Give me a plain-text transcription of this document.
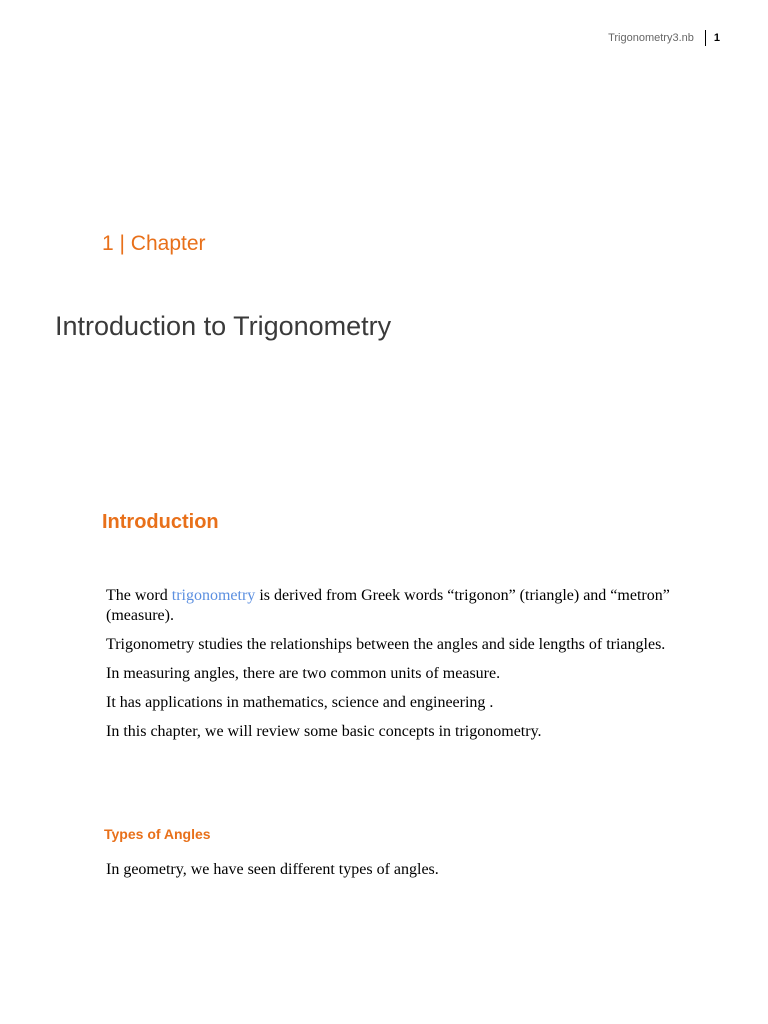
Trigonometry3.nb 1
1 | Chapter
Introduction to Trigonometry
Introduction

The word trigonometry is derived from Greek words “trigonon” (triangle) and “metron” (measure).

Trigonometry studies the relationships between the angles and side lengths of triangles.

In measuring angles, there are two common units of measure.

It has applications in mathematics, science and engineering .

In this chapter, we will review some basic concepts in trigonometry.

Types of Angles

In geometry, we have seen different types of angles.
